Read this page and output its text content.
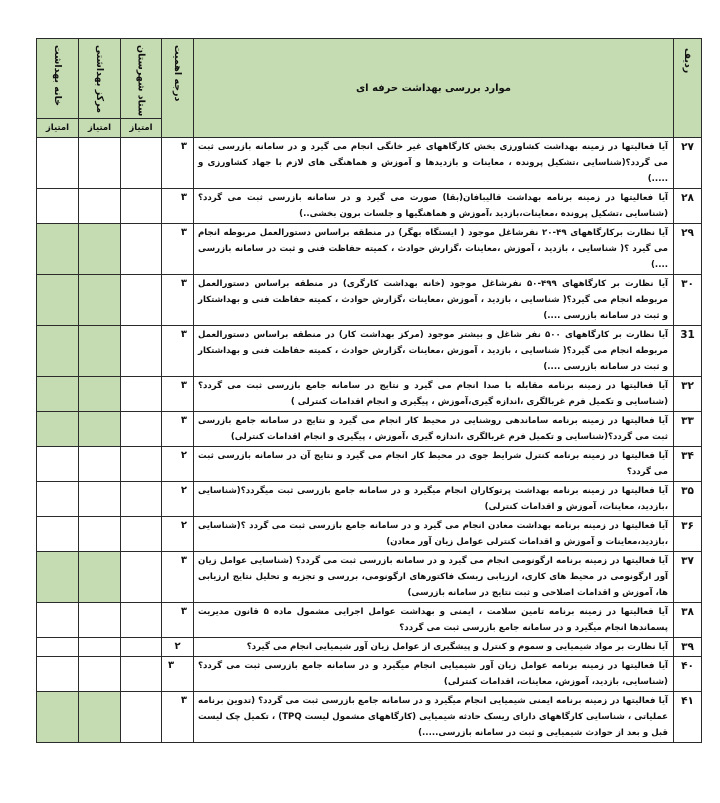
ردیف	موارد بررسی بهداشت حرفه ای	درجه اهمیت	ستاد شهرستان	مرکز بهداشتی	خانه بهداشت

			امتیاز	امتیاز	امتیاز
۲۷	آیا فعالیتها در زمینه بهداشت کشاورزی بخش کارگاههای غیر خانگی انجام می گیرد و در سامانه بازرسی ثبت می گردد؟(شناسایی ،تشکیل پرونده ، معاینات و بازدیدها و آموزش و هماهنگی های لازم با جهاد کشاورزی و .....)	۳			

۲۸	آیا فعالیتها در زمینه برنامه بهداشت قالیبافان(بقا) صورت می گیرد و در سامانه بازرسی ثبت می گردد؟(شناسایی ،تشکیل پرونده ،معاینات،بازدید ،آموزش و هماهنگیها و جلسات برون بخشی..)	۳			

۲۹	آیا نظارت برکارگاههای ۴۹-۲۰ نفرشاغل موجود ( ایستگاه بهگر) در منطقه براساس دستورالعمل مربوطه انجام می گیرد ؟( شناسایی ، بازدید ، آموزش ،معاینات ،گزارش حوادث ، کمیته حفاظت فنی و ثبت در سامانه بازرسی ....)	۳			

۳۰	آیا نظارت بر کارگاههای ۴۹۹-۵۰ نفرشاغل موجود (خانه بهداشت کارگری) در منطقه براساس دستورالعمل مربوطه انجام می گیرد؟( شناسایی ، بازدید ، آموزش ،معاینات ،گزارش حوادث ، کمیته حفاظت فنی و بهداشتکار و ثبت در سامانه بازرسی ....)	۳			

31	آیا نظارت بر کارگاههای ۵۰۰ نفر شاغل و بیشتر موجود (مرکز بهداشت کار) در منطقه براساس دستورالعمل مربوطه انجام می گیرد؟( شناسایی ، بازدید ، آموزش ،معاینات ،گزارش حوادث ، کمیته حفاظت فنی و بهداشتکار و ثبت در سامانه بازرسی ....)	۳			

۳۲	آیا فعالیتها در زمینه برنامه مقابله با صدا انجام می گیرد و نتایج در سامانه جامع بازرسی ثبت می گردد؟(شناسایی و تکمیل فرم غربالگری ،اندازه گیری،آموزش ، پیگیری و انجام اقدامات کنترلی )	۳			

۳۳	آیا فعالیتها در زمینه برنامه ساماندهی روشنایی در محیط کار انجام می گیرد و نتایج در سامانه جامع بازرسی ثبت می گردد؟(شناسایی و تکمیل فرم غربالگری ،اندازه گیری ،آموزش ، پیگیری و انجام اقدامات کنترلی)	۳			

۳۴	آیا فعالیتها در زمینه برنامه کنترل شرایط جوی در محیط کار انجام می گیرد و نتایج آن در سامانه بازرسی ثبت می گردد؟	۲			

۳۵	آیا فعالیتها در زمینه برنامه بهداشت پرتوکاران انجام میگیرد و در سامانه جامع بازرسی ثبت میگردد؟(شناسایی ،بازدید، معاینات، آموزش و اقدامات کنترلی)	۲			

۳۶	آیا فعالیتها در زمینه برنامه بهداشت معادن انجام می گیرد و در سامانه جامع بازرسی ثبت می گردد ؟(شناسایی ،بازدید،معاینات و آموزش و اقدامات کنترلی عوامل زیان آور معادن)	۲			

۳۷	آیا فعالیتها در زمینه برنامه ارگونومی انجام می گیرد و در سامانه بازرسی ثبت می گردد؟ (شناسایی عوامل زیان آور ارگونومی در محیط های کاری، ارزیابی ریسک فاکتورهای ارگونومی، بررسی و تجزیه و تحلیل نتایج ارزیابی ها، آموزش و اقدامات اصلاحی و ثبت نتایج در سامانه بازرسی)	۳			

۳۸	آیا فعالیتها در زمینه برنامه تامین سلامت ، ایمنی و بهداشت عوامل اجرایی مشمول ماده ۵ قانون مدیریت پسماندها انجام میگیرد و در سامانه جامع بازرسی ثبت می گردد؟	۳			

۳۹	آیا نظارت بر مواد شیمیایی و سموم و کنترل و پیشگیری از عوامل زیان آور شیمیایی انجام می گیرد؟	۲			

۴۰	آیا فعالیتها در زمینه برنامه عوامل زیان آور شیمیایی انجام میگیرد و در سامانه جامع بازرسی ثبت می گردد؟ (شناسایی، بازدید، آموزش، معاینات، اقدامات کنترلی)	۳			

۴۱	آیا فعالیتها در زمینه برنامه ایمنی شیمیایی انجام میگیرد و در سامانه جامع بازرسی ثبت می گردد؟ (تدوین برنامه عملیاتی ، شناسایی کارگاههای دارای ریسک حادثه شیمیایی (کارگاههای مشمول لیست TPQ) ، تکمیل چک لیست قبل و بعد از حوادث شیمیایی و ثبت در سامانه بازرسی.....)	۳			
